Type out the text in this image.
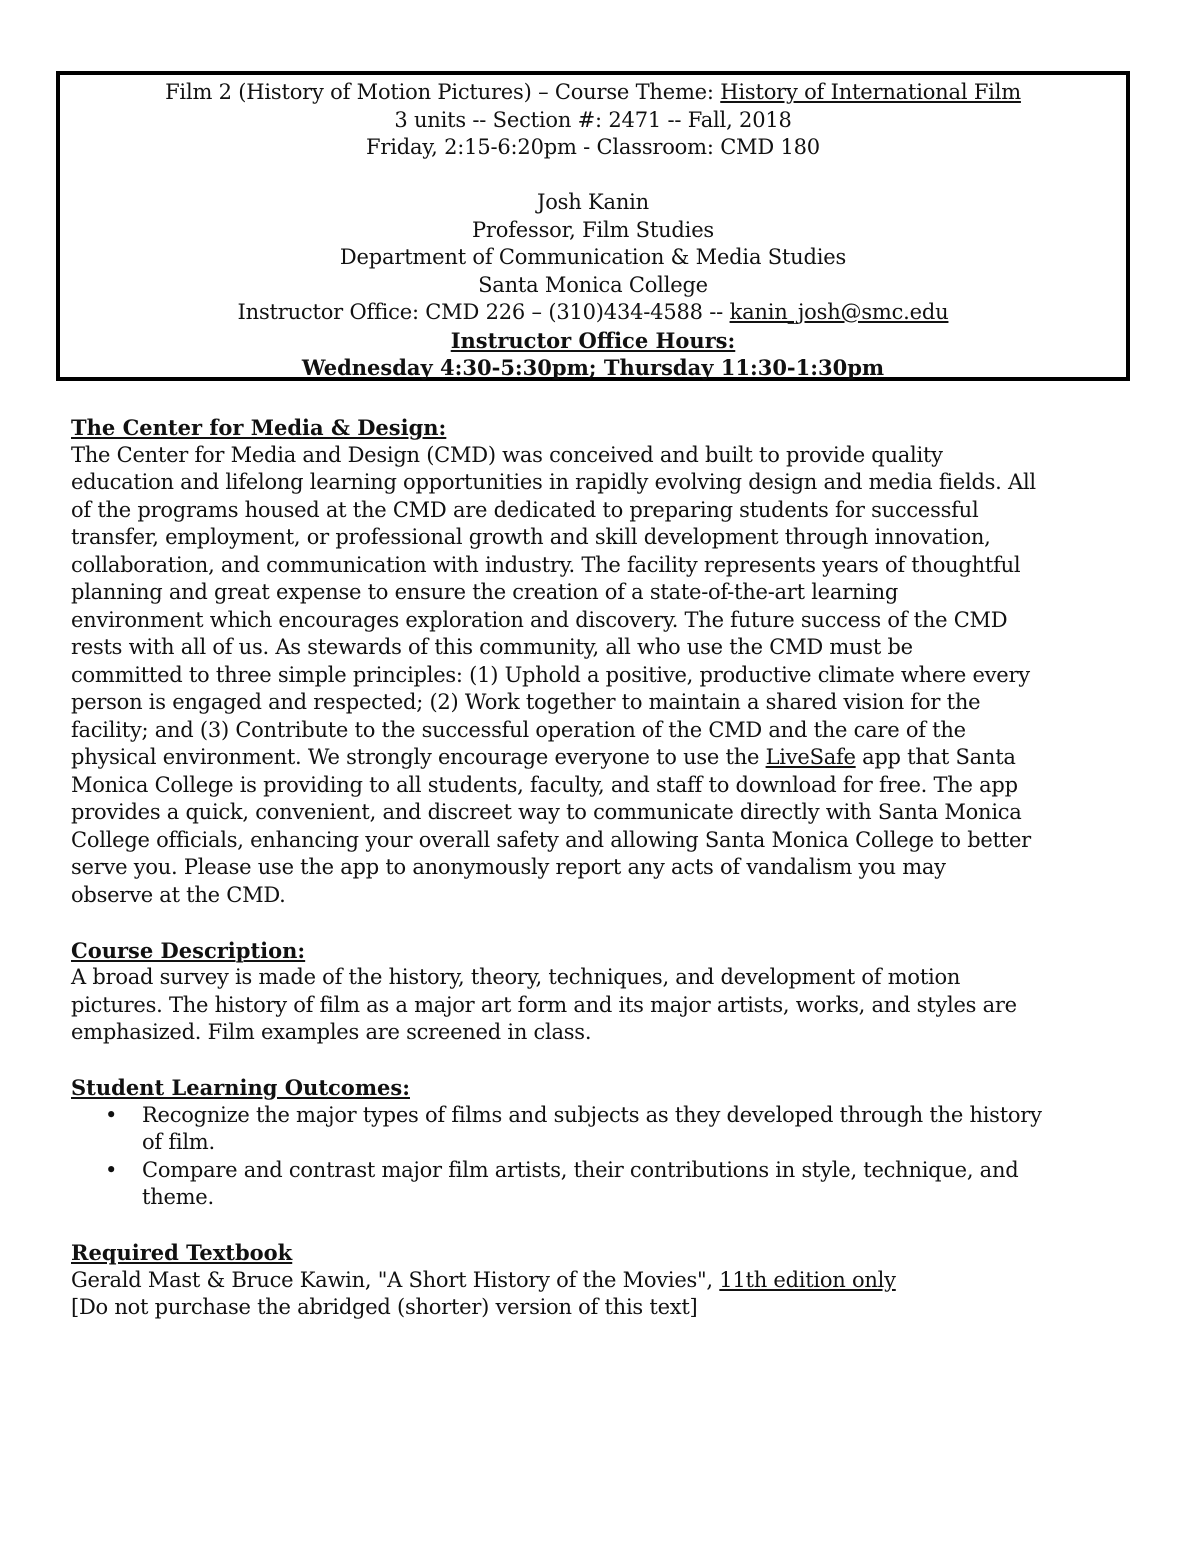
Film 2 (History of Motion Pictures) – Course Theme: History of International Film
3 units -- Section #: 2471 -- Fall, 2018
Friday, 2:15-6:20pm - Classroom: CMD 180
Josh Kanin
Professor, Film Studies
Department of Communication & Media Studies
Santa Monica College
Instructor Office: CMD 226 – (310)434-4588 -- kanin_josh@smc.edu
Instructor Office Hours:
Wednesday 4:30-5:30pm; Thursday 11:30-1:30pm
The Center for Media & Design:
The Center for Media and Design (CMD) was conceived and built to provide quality
education and lifelong learning opportunities in rapidly evolving design and media fields. All
of the programs housed at the CMD are dedicated to preparing students for successful
transfer, employment, or professional growth and skill development through innovation,
collaboration, and communication with industry. The facility represents years of thoughtful
planning and great expense to ensure the creation of a state-of-the-art learning
environment which encourages exploration and discovery. The future success of the CMD
rests with all of us. As stewards of this community, all who use the CMD must be
committed to three simple principles: (1) Uphold a positive, productive climate where every
person is engaged and respected; (2) Work together to maintain a shared vision for the
facility; and (3) Contribute to the successful operation of the CMD and the care of the
physical environment. We strongly encourage everyone to use the LiveSafe app that Santa
Monica College is providing to all students, faculty, and staff to download for free. The app
provides a quick, convenient, and discreet way to communicate directly with Santa Monica
College officials, enhancing your overall safety and allowing Santa Monica College to better
serve you. Please use the app to anonymously report any acts of vandalism you may
observe at the CMD.
Course Description:
A broad survey is made of the history, theory, techniques, and development of motion
pictures. The history of film as a major art form and its major artists, works, and styles are
emphasized. Film examples are screened in class.
Student Learning Outcomes:
• Recognize the major types of films and subjects as they developed through the history
of film.
• Compare and contrast major film artists, their contributions in style, technique, and
theme.
Required Textbook
Gerald Mast & Bruce Kawin, "A Short History of the Movies", 11th edition only
[Do not purchase the abridged (shorter) version of this text]
